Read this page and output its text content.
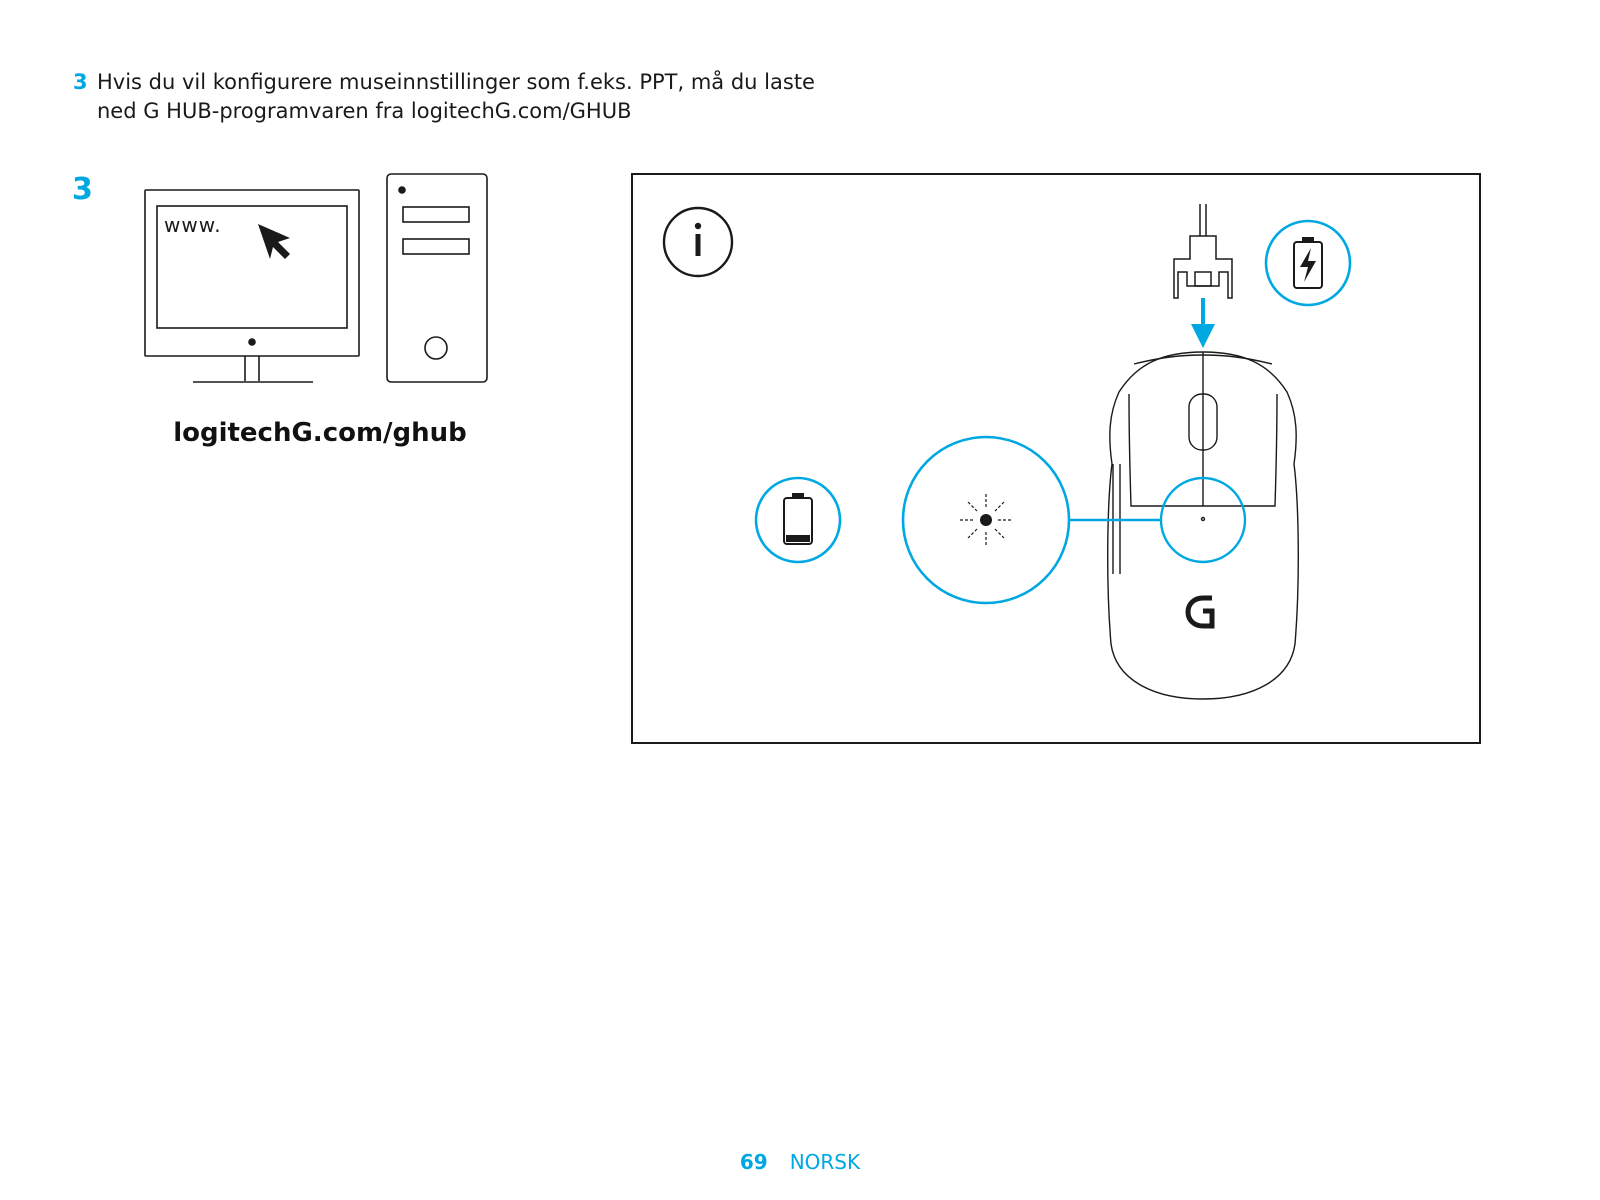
3 Hvis du vil konfigurere museinnstillinger som f.eks. PPT, må du laste
ned G HUB-programvaren fra logitechG.com/GHUB
3
www.
logitechG.com/ghub
69 NORSK
